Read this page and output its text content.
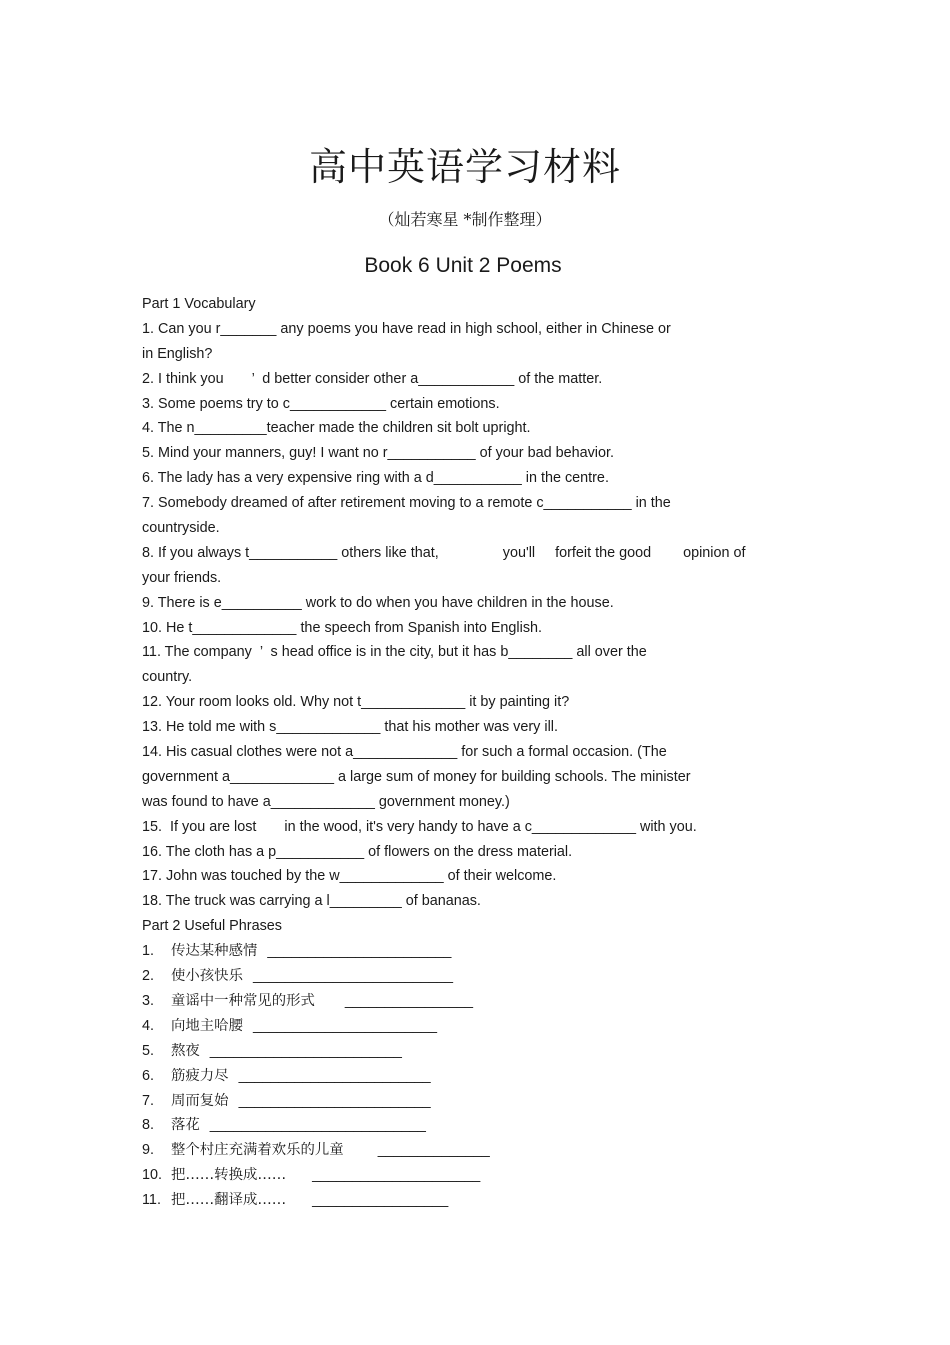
高中英语学习材料
（灿若寒星 *制作整理）
Book 6 Unit 2 Poems
Part 1 Vocabulary
1. Can you r_______ any poems you have read in high school, either in Chinese or
in English?
2. I think you       ’  d better consider other a____________ of the matter.
3. Some poems try to c____________ certain emotions.
4. The n_________teacher made the children sit bolt upright.
5. Mind your manners, guy! I want no r___________ of your bad behavior.
6. The lady has a very expensive ring with a d___________ in the centre.
7. Somebody dreamed of after retirement moving to a remote c___________ in the
countryside.
8. If you always t___________ others like that,                you'll     forfeit the good        opinion of
your friends.
9. There is e__________ work to do when you have children in the house.
10. He t_____________ the speech from Spanish into English.
11. The company  ’  s head office is in the city, but it has b________ all over the
country.
12. Your room looks old. Why not t_____________ it by painting it?
13. He told me with s_____________ that his mother was very ill.
14. His casual clothes were not a_____________ for such a formal occasion. (The
government a_____________ a large sum of money for building schools. The minister
was found to have a_____________ government money.)
15.  If you are lost       in the wood, it's very handy to have a c_____________ with you.
16. The cloth has a p___________ of flowers on the dress material.
17. John was touched by the w_____________ of their welcome.
18. The truck was carrying a l_________ of bananas.
Part 2 Useful Phrases
1.	传达某种感情 _______________________
2.	使小孩快乐 _________________________
3.	童谣中一种常见的形式 ________________
4.	向地主哈腰 _______________________
5.	熬夜 ________________________
6.	筋疲力尽 ________________________
7.	周而复始 ________________________
8.	落花 ___________________________
9.	整个村庄充满着欢乐的儿童 ______________
10. 把……转换成…… _____________________
11. 把……翻译成…… _________________
